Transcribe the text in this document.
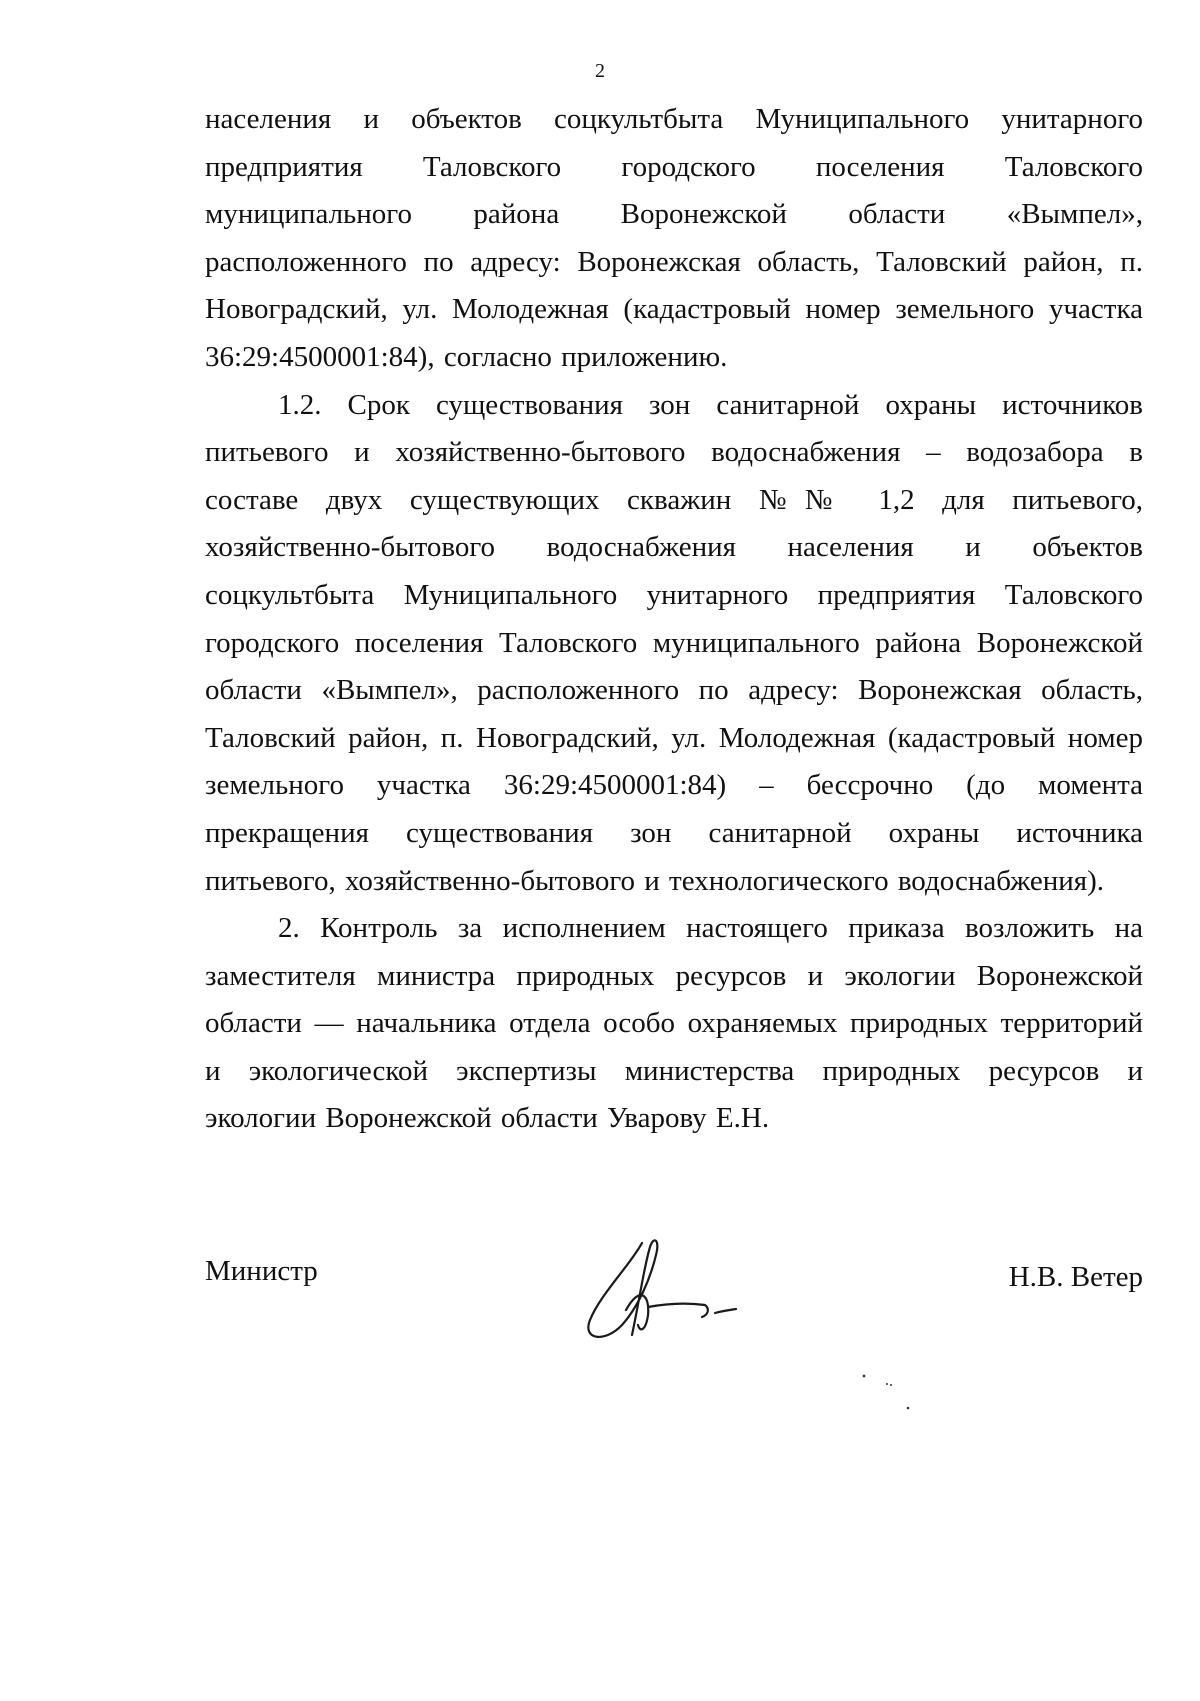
2

населения и объектов соцкультбыта Муниципального унитарного предприятия Таловского городского поселения Таловского муниципального района Воронежской области «Вымпел», расположенного по адресу: Воронежская область, Таловский район, п. Новоградский, ул. Молодежная (кадастровый номер земельного участка 36:29:4500001:84), согласно приложению.

1.2. Срок существования зон санитарной охраны источников питьевого и хозяйственно-бытового водоснабжения – водозабора в составе двух существующих скважин №№ 1,2 для питьевого, хозяйственно-бытового водоснабжения населения и объектов соцкультбыта Муниципального унитарного предприятия Таловского городского поселения Таловского муниципального района Воронежской области «Вымпел», расположенного по адресу: Воронежская область, Таловский район, п. Новоградский, ул. Молодежная (кадастровый номер земельного участка 36:29:4500001:84) – бессрочно (до момента прекращения существования зон санитарной охраны источника питьевого, хозяйственно-бытового и технологического водоснабжения).

2. Контроль за исполнением настоящего приказа возложить на заместителя министра природных ресурсов и экологии Воронежской области — начальника отдела особо охраняемых природных территорий и экологической экспертизы министерства природных ресурсов и экологии Воронежской области Уварову Е.Н.

Министр	Н.В. Ветер
